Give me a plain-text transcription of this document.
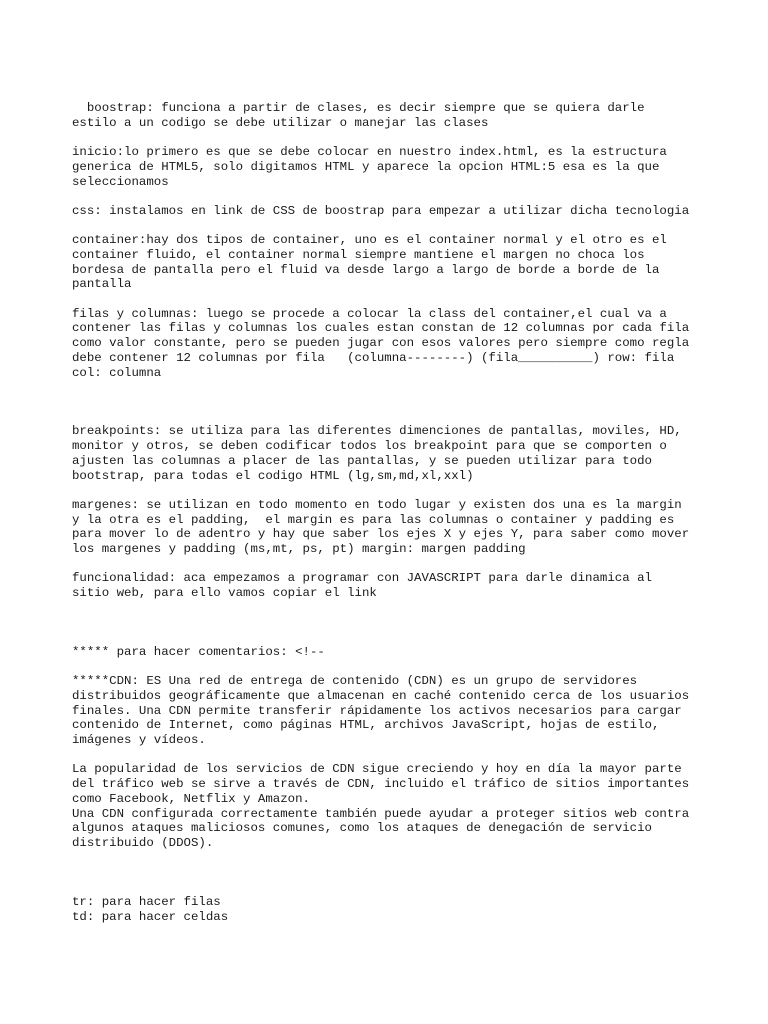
boostrap: funciona a partir de clases, es decir siempre que se quiera darle
estilo a un codigo se debe utilizar o manejar las clases

inicio:lo primero es que se debe colocar en nuestro index.html, es la estructura
generica de HTML5, solo digitamos HTML y aparece la opcion HTML:5 esa es la que
seleccionamos

css: instalamos en link de CSS de boostrap para empezar a utilizar dicha tecnologia

container:hay dos tipos de container, uno es el container normal y el otro es el
container fluido, el container normal siempre mantiene el margen no choca los
bordesa de pantalla pero el fluid va desde largo a largo de borde a borde de la
pantalla

filas y columnas: luego se procede a colocar la class del container,el cual va a
contener las filas y columnas los cuales estan constan de 12 columnas por cada fila
como valor constante, pero se pueden jugar con esos valores pero siempre como regla
debe contener 12 columnas por fila   (columna--------) (fila__________) row: fila
col: columna

breakpoints: se utiliza para las diferentes dimenciones de pantallas, moviles, HD,
monitor y otros, se deben codificar todos los breakpoint para que se comporten o
ajusten las columnas a placer de las pantallas, y se pueden utilizar para todo
bootstrap, para todas el codigo HTML (lg,sm,md,xl,xxl)

margenes: se utilizan en todo momento en todo lugar y existen dos una es la margin
y la otra es el padding,  el margin es para las columnas o container y padding es
para mover lo de adentro y hay que saber los ejes X y ejes Y, para saber como mover
los margenes y padding (ms,mt, ps, pt) margin: margen padding

funcionalidad: aca empezamos a programar con JAVASCRIPT para darle dinamica al
sitio web, para ello vamos copiar el link

***** para hacer comentarios: <!--

*****CDN: ES Una red de entrega de contenido (CDN) es un grupo de servidores
distribuidos geográficamente que almacenan en caché contenido cerca de los usuarios
finales. Una CDN permite transferir rápidamente los activos necesarios para cargar
contenido de Internet, como páginas HTML, archivos JavaScript, hojas de estilo,
imágenes y vídeos.

La popularidad de los servicios de CDN sigue creciendo y hoy en día la mayor parte
del tráfico web se sirve a través de CDN, incluido el tráfico de sitios importantes
como Facebook, Netflix y Amazon.
Una CDN configurada correctamente también puede ayudar a proteger sitios web contra
algunos ataques maliciosos comunes, como los ataques de denegación de servicio
distribuido (DDOS).

tr: para hacer filas
td: para hacer celdas
